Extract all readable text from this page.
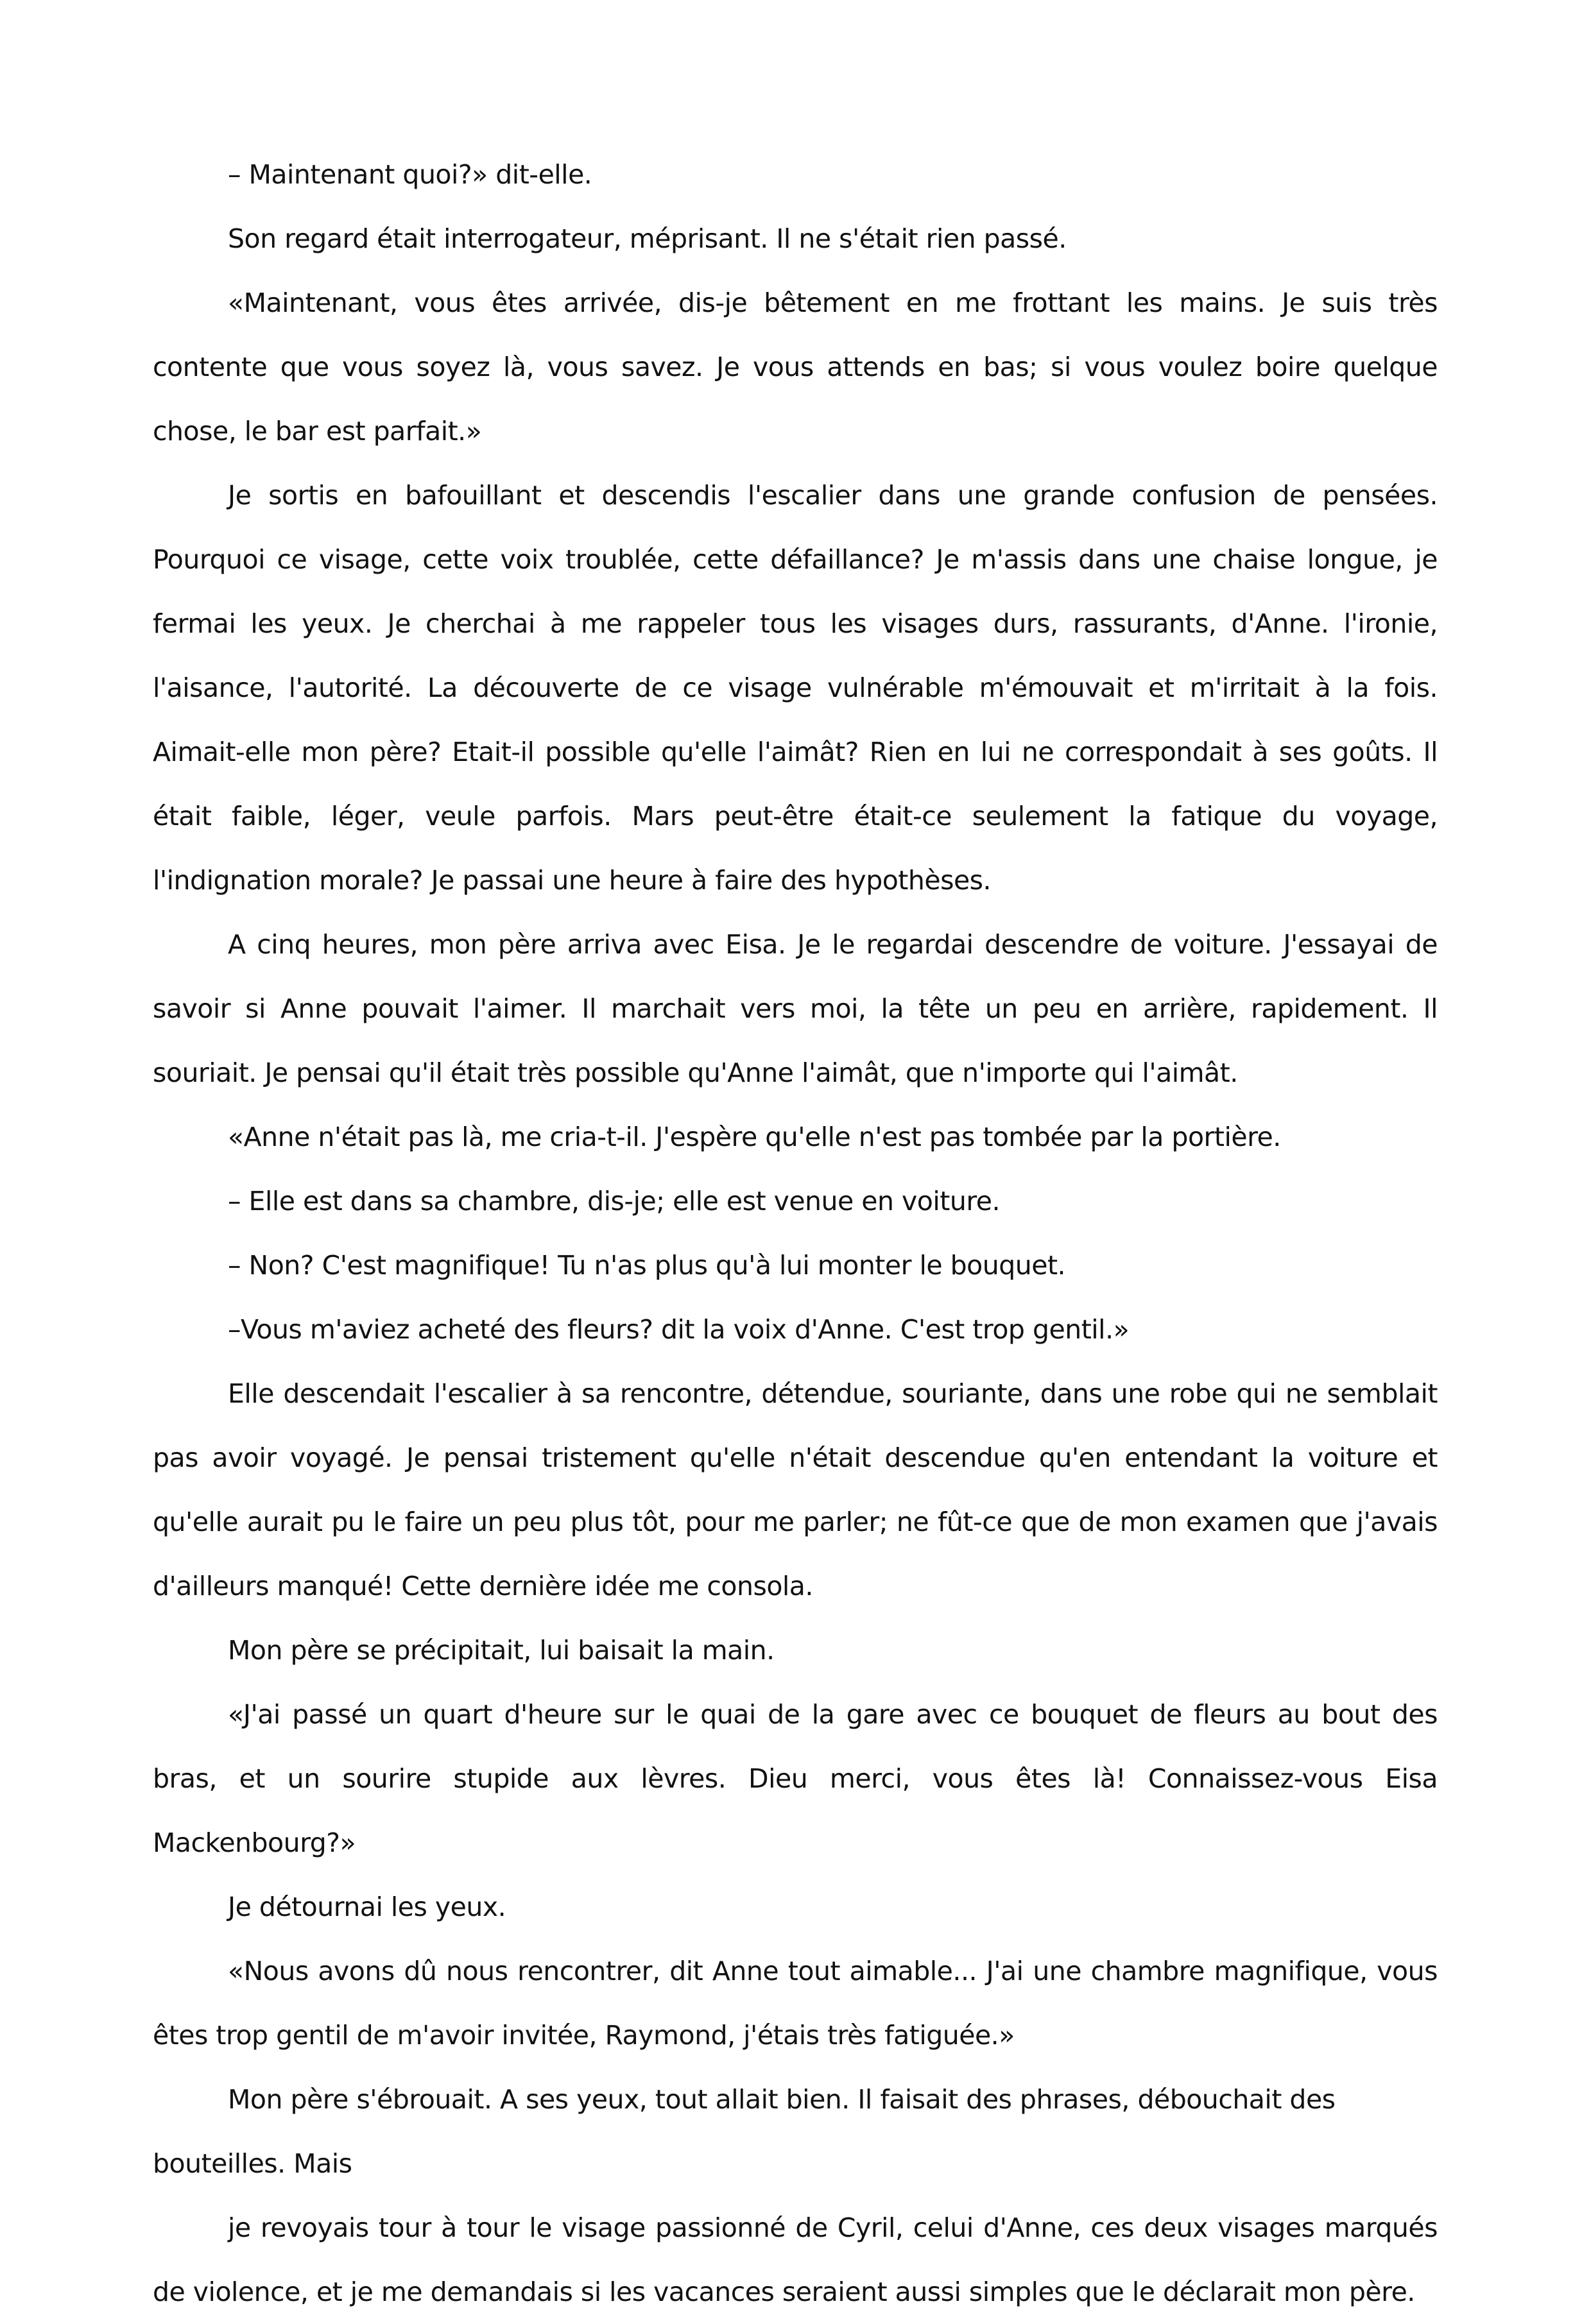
– Maintenant quoi?» dit-elle.

Son regard était interrogateur, méprisant. Il ne s'était rien passé.

«Maintenant, vous êtes arrivée, dis-je bêtement en me frottant les mains. Je suis très contente que vous soyez là, vous savez. Je vous attends en bas; si vous voulez boire quelque chose, le bar est parfait.»

Je sortis en bafouillant et descendis l'escalier dans une grande confusion de pensées. Pourquoi ce visage, cette voix troublée, cette défaillance? Je m'assis dans une chaise longue, je fermai les yeux. Je cherchai à me rappeler tous les visages durs, rassurants, d'Anne. l'ironie, l'aisance, l'autorité. La découverte de ce visage vulnérable m'émouvait et m'irritait à la fois. Aimait-elle mon père? Etait-il possible qu'elle l'aimât? Rien en lui ne correspondait à ses goûts. Il était faible, léger, veule parfois. Mars peut-être était-ce seulement la fatique du voyage, l'indignation morale? Je passai une heure à faire des hypothèses.

A cinq heures, mon père arriva avec Eisa. Je le regardai descendre de voiture. J'essayai de savoir si Anne pouvait l'aimer. Il marchait vers moi, la tête un peu en arrière, rapidement. Il souriait. Je pensai qu'il était très possible qu'Anne l'aimât, que n'importe qui l'aimât.

«Anne n'était pas là, me cria-t-il. J'espère qu'elle n'est pas tombée par la portière.

– Elle est dans sa chambre, dis-je; elle est venue en voiture.

– Non? C'est magnifique! Tu n'as plus qu'à lui monter le bouquet.

–Vous m'aviez acheté des fleurs? dit la voix d'Anne. C'est trop gentil.»

Elle descendait l'escalier à sa rencontre, détendue, souriante, dans une robe qui ne semblait pas avoir voyagé. Je pensai tristement qu'elle n'était descendue qu'en entendant la voiture et qu'elle aurait pu le faire un peu plus tôt, pour me parler; ne fût-ce que de mon examen que j'avais d'ailleurs manqué! Cette dernière idée me consola.

Mon père se précipitait, lui baisait la main.

«J'ai passé un quart d'heure sur le quai de la gare avec ce bouquet de fleurs au bout des bras, et un sourire stupide aux lèvres. Dieu merci, vous êtes là! Connaissez-vous Eisa Mackenbourg?»

Je détournai les yeux.

«Nous avons dû nous rencontrer, dit Anne tout aimable... J'ai une chambre magnifique, vous êtes trop gentil de m'avoir invitée, Raymond, j'étais très fatiguée.»

Mon père s'ébrouait. A ses yeux, tout allait bien. Il faisait des phrases, débouchait des bouteilles. Mais

je revoyais tour à tour le visage passionné de Cyril, celui d'Anne, ces deux visages marqués de violence, et je me demandais si les vacances seraient aussi simples que le déclarait mon père.
